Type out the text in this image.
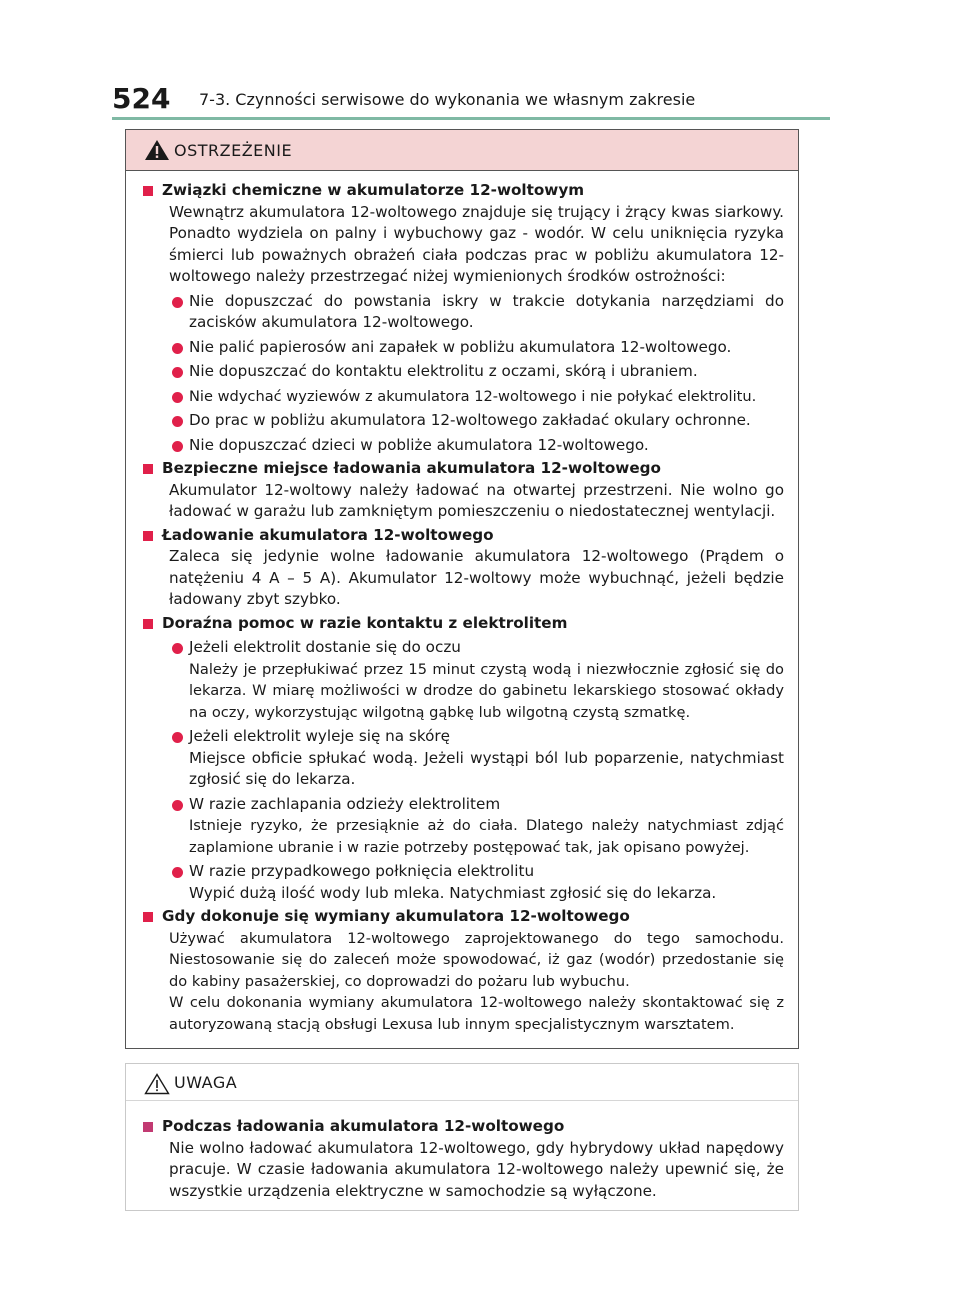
524 7-3. Czynności serwisowe do wykonania we własnym zakresie
OSTRZEŻENIE
Związki chemiczne w akumulatorze 12-woltowym
Wewnątrz akumulatora 12-woltowego znajduje się trujący i żrący kwas siarkowy. Ponadto wydziela on palny i wybuchowy gaz - wodór. W celu uniknięcia ryzyka śmierci lub poważnych obrażeń ciała podczas prac w pobliżu akumulatora 12-woltowego należy przestrzegać niżej wymienionych środków ostrożności:
Nie dopuszczać do powstania iskry w trakcie dotykania narzędziami do zacisków akumulatora 12-woltowego.
Nie palić papierosów ani zapałek w pobliżu akumulatora 12-woltowego.
Nie dopuszczać do kontaktu elektrolitu z oczami, skórą i ubraniem.
Nie wdychać wyziewów z akumulatora 12-woltowego i nie połykać elektrolitu.
Do prac w pobliżu akumulatora 12-woltowego zakładać okulary ochronne.
Nie dopuszczać dzieci w pobliże akumulatora 12-woltowego.
Bezpieczne miejsce ładowania akumulatora 12-woltowego
Akumulator 12-woltowy należy ładować na otwartej przestrzeni. Nie wolno go ładować w garażu lub zamkniętym pomieszczeniu o niedostatecznej wentylacji.
Ładowanie akumulatora 12-woltowego
Zaleca się jedynie wolne ładowanie akumulatora 12-woltowego (Prądem o natężeniu 4 A – 5 A). Akumulator 12-woltowy może wybuchnąć, jeżeli będzie ładowany zbyt szybko.
Doraźna pomoc w razie kontaktu z elektrolitem
Jeżeli elektrolit dostanie się do oczu
Należy je przepłukiwać przez 15 minut czystą wodą i niezwłocznie zgłosić się do lekarza. W miarę możliwości w drodze do gabinetu lekarskiego stosować okłady na oczy, wykorzystując wilgotną gąbkę lub wilgotną czystą szmatkę.
Jeżeli elektrolit wyleje się na skórę
Miejsce obficie spłukać wodą. Jeżeli wystąpi ból lub poparzenie, natychmiast zgłosić się do lekarza.
W razie zachlapania odzieży elektrolitem
Istnieje ryzyko, że przesiąknie aż do ciała. Dlatego należy natychmiast zdjąć zaplamione ubranie i w razie potrzeby postępować tak, jak opisano powyżej.
W razie przypadkowego połknięcia elektrolitu
Wypić dużą ilość wody lub mleka. Natychmiast zgłosić się do lekarza.
Gdy dokonuje się wymiany akumulatora 12-woltowego
Używać akumulatora 12-woltowego zaprojektowanego do tego samochodu. Niestosowanie się do zaleceń może spowodować, iż gaz (wodór) przedostanie się do kabiny pasażerskiej, co doprowadzi do pożaru lub wybuchu.
W celu dokonania wymiany akumulatora 12-woltowego należy skontaktować się z autoryzowaną stacją obsługi Lexusa lub innym specjalistycznym warsztatem.
UWAGA
Podczas ładowania akumulatora 12-woltowego
Nie wolno ładować akumulatora 12-woltowego, gdy hybrydowy układ napędowy pracuje. W czasie ładowania akumulatora 12-woltowego należy upewnić się, że wszystkie urządzenia elektryczne w samochodzie są wyłączone.
